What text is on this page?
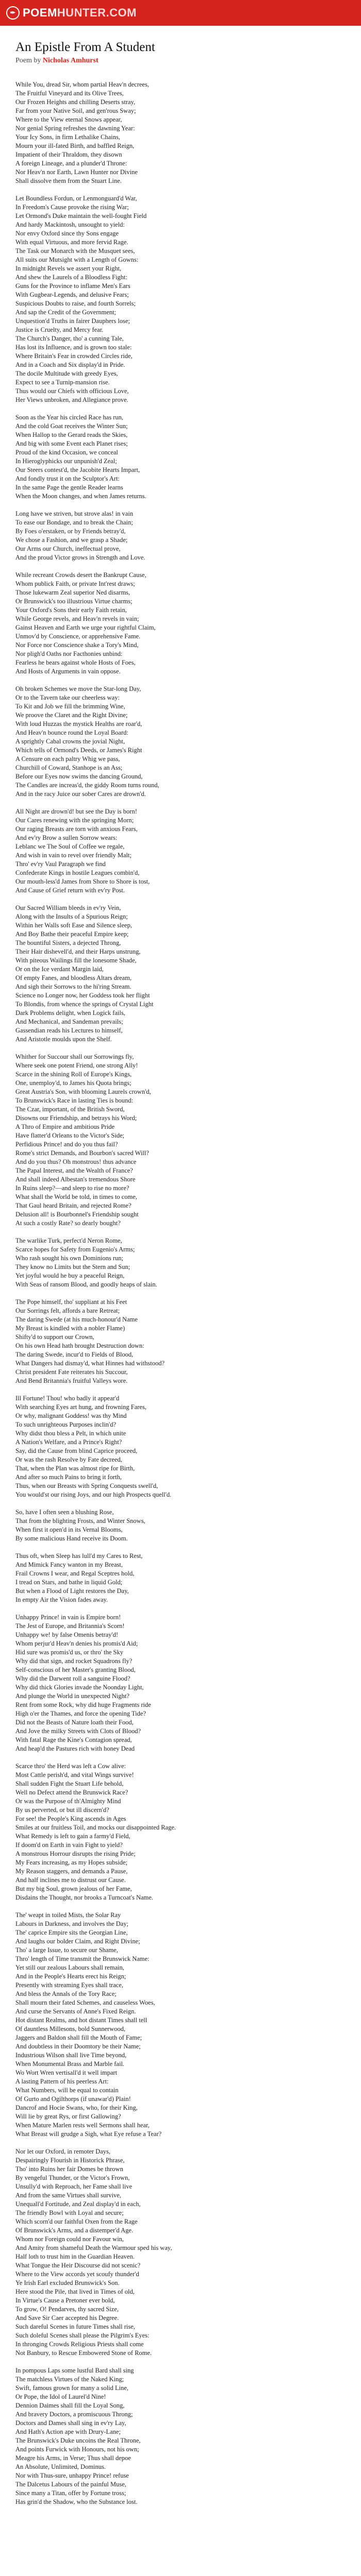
✒ POEM HUNTER.COM
An Epistle From A Student
Poem by Nicholas Amhurst
While You, dread Sir, whom partial Heav'n decrees,
The Fruitful Vineyard and its Olive Trees,
Our Frozen Heights and chilling Deserts stray,
Far from your Native Soil, and gen'rous Sway;
Where to the View eternal Snows appear,
Nor genial Spring refreshes the dawning Year:
Your Icy Sons, in firm Lethalike Chains,
Mourn your ill-fated Birth, and baffled Reign,
Impatient of their Thraldom, they disown
A foreign Lineage, and a plunder'd Throne:
Nor Heav'n nor Earth, Lawn Hunter nor Divine
Shall dissolve them from the Stuart Line.
Let Boundless Fordun, or Lenmonguard'd War,
In Freedom's Cause provoke the rising War;
Let Ormond's Duke maintain the well-fought Field
And hardy Mackintosh, unsought to yield:
Nor envy Oxford since thy Sons engage
With equal Virtuous, and more fervid Rage.
The Task our Monarch with the Musquet sees,
All suits our Mutsight with a Length of Gowns:
In midnight Revels we assert your Right,
And shew the Laurels of a Bloodless Fight:
Guns for the Province to inflame Men's Ears
With Gugbear-Legends, and delusive Fears;
Suspicious Doubts to raise, and fourth Sorrels;
And sap the Credit of the Government;
Unquestion'd Truths in fairer Dauphers lose;
Justice is Cruelty, and Mercy fear.
The Church's Danger, tho' a cunning Tale,
Has lost its Influence, and is grown too stale:
Where Britain's Fear in crowded Circles ride,
And in a Coach and Six display'd in Pride.
The docile Multitude with greedy Eyes,
Expect to see a Turnip-mansion rise.
Thus would our Chiefs with officious Love,
Her Views unbroken, and Allegiance prove.
Soon as the Year his circled Race has run,
And the cold Goat receives the Winter Sun;
When Hallop to the Gerard reads the Skies,
And big with some Event each Planet rises;
Proud of the kind Occasion, we conceal
In Hieroglyphicks our unpunish'd Zeal;
Our Steers contest'd, the Jacobite Hearts Impart,
And fondly trust it on the Sculptor's Art:
In the same Page the gentle Reader learns
When the Moon changes, and when James returns.
Long have we striven, but strove alas! in vain
To ease our Bondage, and to break the Chain;
By Foes o'erstaken, or by Friends betray'd,
We chose a Fashion, and we grasp a Shade;
Our Arms our Church, ineffectual prove,
And the proud Victor grows in Strength and Love.
While recreant Crowds desert the Bankrupt Cause,
Whom publick Faith, or private Int'rest draws;
Those lukewarm Zeal superior Ned disarms,
Or Brunswick's too illustrious Virtue charms;
Your Oxford's Sons their early Faith retain,
While George revels, and Heav'n revels in vain;
Gainst Heaven and Earth we urge your rightful Claim,
Unmov'd by Conscience, or apprehensive Fame.
Nor Force nor Conscience shake a Tory's Mind,
Nor pligh'd Oaths nor Facthonies unbind:
Fearless he bears against whole Hosts of Foes,
And Hosts of Arguments in vain oppose.
Oh broken Schemes we move the Star-long Day,
Or to the Tavern take our cheerless way:
To Kit and Job we fill the brimming Wine,
We proove the Claret and the Right Divine;
With loud Huzzas the mystick Healths are roar'd,
And Heav'n bounce round the Loyal Board:
A sprightly Cabal crowns the jovial Night,
Which tells of Ormond's Deeds, or James's Right
A Censure on each paltry Whig we pass,
Churchill of Coward, Stanhope is an Ass;
Before our Eyes now swims the dancing Ground,
The Candles are increas'd, the giddy Room turns round,
And in the racy Juice our sober Cares are drown'd.
All Night are drown'd! but see the Day is born!
Our Cares renewing with the springing Morn;
Our raging Breasts are torn with anxious Fears,
And ev'ry Brow a sullen Sorrow wears:
Leblanc we The Soul of Coffee we regale,
And wish in vain to revel over friendly Malt;
Thro' ev'ry Vaul Paragraph we find
Confederate Kings in hostile Leagues combin'd,
Our mouth-less'd James from Shore to Shore is tost,
And Cause of Grief return with ev'ry Post.
Our Sacred William bleeds in ev'ry Vein,
Along with the Insults of a Spurious Reign;
Within her Walls soft Ease and Silence sleep,
And Boy Bathe their peaceful Empire keep;
The bountiful Sisters, a dejected Throng,
Their Hair dishevell'd, and their Harps unstrung,
With piteous Wailings fill the lonesome Shade,
Or on the Ice verdant Margin laid,
Of empty Fanes, and bloodless Altars dream,
And sigh their Sorrows to the hi'ring Stream.
Science no Longer now, her Goddess took her flight
To Blondis, from whence the springs of Crystal Light
Dark Problems delight, when Logick fails,
And Mechanical, and Sandeman prevails;
Gassendian reads his Lectures to himself,
And Aristotle moulds upon the Shelf.
Whither for Succour shall our Sorrowings fly,
Where seek one potent Friend, one strong Ally!
Scarce in the shining Roll of Europe's Kings,
One, unemploy'd, to James his Quota brings;
Great Austria's Son, with blooming Laurels crown'd,
To Brunswick's Race in lasting Ties is bound:
The Czar, important, of the British Sword,
Disowns our Friendship, and betrays his Word;
A Thro of Empire and ambitious Pride
Have flatter'd Orleans to the Victor's Side;
Perfidious Prince! and do you thus fail?
Rome's strict Demands, and Bourbon's sacred Will?
And do you thus? Oh monstrous! thus advance
The Papal Interest, and the Wealth of France?
And shall indeed Albestan's tremendous Shore
In Ruins sleep?—and sleep to rise no more?
What shall the World be told, in times to come,
That Gaul heard Britain, and rejected Rome?
Delusion all! is Bourbonnel's Friendship sought
At such a costly Rate? so dearly bought?
The warlike Turk, perfect'd Neron Rome,
Scarce hopes for Safety from Eugenio's Arms;
Who rash sought his own Dominions run;
They know no Limits but the Stern and Sun;
Yet joyful would he buy a peaceful Reign,
With Seas of ransom Blood, and goodly heaps of slain.
The Pope himself, tho' suppliant at his Feet
Our Sorrings felt, affords a bare Retreat;
The daring Swede (at his much-honour'd Name
My Breast is kindled with a nobler Flame)
Shifty'd to support our Crown,
On his own Head hath brought Destruction down:
The daring Swede, incur'd to Fields of Blood,
What Dangers had dismay'd, what Hinnes had withstood?
Christ president Fate reiterates his Succour,
And Bend Britannia's fruitful Valleys wore.
Ill Fortune! Thou! who badly it appear'd
With searching Eyes art hung, and frowning Fares,
Or why, malignant Goddess! was thy Mind
To such unrighteous Purposes inclin'd?
Why didst thou bless a Pelt, in which unite
A Nation's Welfare, and a Prince's Right?
Say, did the Cause from blind Caprice proceed,
Or was the rash Resolve by Fate decreed,
That, when the Plan was almost ripe for Birth,
And after so much Pains to bring it forth,
Thus, when our Breasts with Spring Conquests swell'd,
You would'st our rising Joys, and our high Prospects quell'd.
So, have I often seen a blushing Rose,
That from the blighting Frosts, and Winter Snows,
When first it open'd in its Vernal Blooms,
By some malicious Hand receive its Doom.
Thus oft, when Sleep has lull'd my Cares to Rest,
And Mimick Fancy wanton in my Breast,
Frail Crowns I wear, and Regal Sceptres hold,
I tread on Stars, and bathe in liquid Gold;
But when a Flood of Light restores the Day,
In empty Air the Vision fades away.
Unhappy Prince! in vain is Empire born!
The Jest of Europe, and Britannia's Scorn!
Unhappy we! by false Omenis betray'd!
Whom perjur'd Heav'n denies his promis'd Aid;
Hid sure was promis'd us, or thro' the Sky
Why did that sign, and rocket Squadrons fly?
Self-conscious of her Master's granting Blood,
Why did the Darwent roll a sanguine Flood?
Why did thick Glories invade the Noonday Light,
And plunge the World in unexpected Night?
Rent from some Rock, why did huge Fragments ride
High o'er the Thames, and force the opening Tide?
Did not the Beasts of Nature loath their Food,
And Jove the milky Streets with Clots of Blood?
With fatal Rage the Kine's Contagion spread,
And heap'd the Pastures rich with honey Dead
Scarce thro' the Herd was left a Cow alive:
Most Cattle perish'd, and vital Wings survive!
Shall sudden Fight the Stuart Life behold,
Well no Defect attend the Brunswick Race?
Or was the Purpose of th'Almighty Mind
By us perverted, or but ill discern'd?
For see! the People's King ascends in Ages
Smiles at our fruitless Toil, and mocks our disappointed Rage.
What Remedy is left to gain a farmy'd Field,
If doom'd on Earth in vain Fight to yield?
A monstrous Horrour disrupts the rising Pride;
My Fears increasing, as my Hopes subside;
My Reason staggers, and demands a Pause,
And half inclines me to distrust our Cause.
But my big Soul, grown jealous of her Fame,
Disdains the Thought, nor brooks a Turncoat's Name.
The' weapt in toiled Mists, the Solar Ray
Labours in Darkness, and involves the Day;
The' caprice Empire sits the Georgian Line,
And laughs our bolder Claim, and Right Divine;
Tho' a large Issue, to secure our Shame,
Thro' length of Time transmit the Brunswick Name:
Yet still our zealous Labours shall remain,
And in the People's Hearts erect his Reign;
Presently with streaming Eyes shall trace,
And bless the Annals of the Tory Race;
Shall mourn their fated Schemes, and causeless Woes,
And curse the Servants of Anne's Fixed Reign.
Hot distant Realms, and hot distant Times shall tell
Of dauntless Millesons, bold Sunnerwood,
Jaggers and Baldon shall fill the Mouth of Fame;
And doubtless in their Doomtory be their Name;
Industrious Wilson shall live Time beyond,
When Monumental Brass and Marble fail.
Wo Wort Wren vertisall'd it well impart
A lasting Pattern of his peerless Art:
What Numbers, will be equal to contain
Of Gurto and Ogilthorps (if unawar'd) Plain!
Dancrof and Hocie Swans, who, for their King,
Will lie by great Rys, or first Gallowing?
When Mature Marlen rests well Sermons shall hear,
What Breast will grudge a Sigh, what Eye refuse a Tear?
Nor let our Oxford, in remoter Days,
Despairingly Flourish in Historick Phrase,
Tho' into Ruins her fair Domes be thrown
By vengeful Thunder, or the Victor's Frown,
Unsully'd with Reproach, her Fame shall live
And from the same Virtues shall survive,
Unequall'd Fortitude, and Zeal display'd in each,
The friendly Bowl with Loyal and secure;
Which scorn'd our faithful Oxen from the Rage
Of Brunswick's Arms, and a distemper'd Age.
Whom nor Foreign could nor Favour win,
And Amity from shameful Death the Warmour sped his way,
Half loth to trust him in the Guardian Heaven.
What Tongue the Heir Discourse did not scenic?
Where to the View accords yet scoufy thunder'd
Ye Irish Earl excluded Brunswick's Son.
Here stood the Pile, that lived in Times of old,
In Virtue's Cause a Pretoner ever bold,
To grow, O! Pendarves, thy sacred Size,
And Save Sir Caer accepted his Degree.
Such dareful Scenes in future Times shall rise,
Such doleful Scenes shall please the Pilgrim's Eyes:
In thronging Crowds Religious Priests shall come
Not Banbury, to Rescue Embowered Stone of Rome.
In pompous Laps some lustful Bard shall sing
The matchless Virtues of the Naked King;
Swift, famous grown for many a solid Line,
Or Pope, the Idol of Laurel'd Nine!
Dennion Daimes shall fill the Loyal Song,
And bravery Doctors, a promiscuous Throng;
Doctors and Dames shall sing in ev'ry Lay,
And Hath's Action ape with Drury-Lane;
The Brunswick's Duke uncoins the Real Throne,
And points Furwick with Honours, not his own;
Meagre his Arms, in Verse; Thus shall depoe
An Absolute, Unlimited, Dominus.
Nor with Thus-sure, unhappy Prince! refuse
The Dalcetus Labours of the painful Muse,
Since many a Titan, offer by Fortune tross;
Has grin'd the Shadow, who the Substance lost.
